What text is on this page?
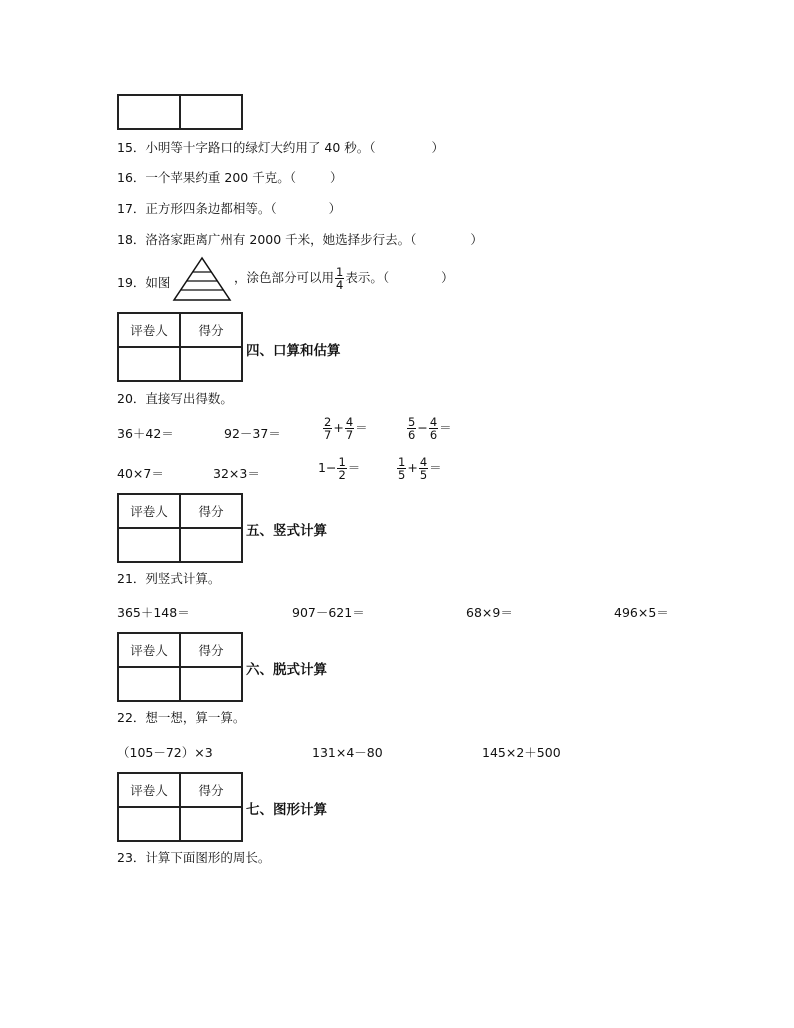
15．小明等十字路口的绿灯大约用了 40 秒。（	）
16．一个苹果约重 200 千克。（	）
17．正方形四条边都相等。（	）
18．洛洛家距离广州有 2000 千米，她选择步行去。（	）
19．如图	，涂色部分可以用 $\frac{1}{4}$ 表示。（	）
评卷人	得分

四、口算和估算
20．直接写出得数。
36＋42＝	92－37＝	$\frac{2}{7} + \frac{4}{7}$ ＝	$\frac{5}{6} - \frac{4}{6}$ ＝
40×7＝	32×3＝	$1- \frac{1}{2}$ ＝	$\frac{1}{5} + \frac{4}{5}$ ＝
评卷人	得分

五、竖式计算
21．列竖式计算。
365＋148＝	907－621＝	68×9＝	496×5＝
评卷人	得分

六、脱式计算
22．想一想，算一算。
（105－72）×3	131×4－80	145×2＋500
评卷人	得分

七、图形计算
23．计算下面图形的周长。
